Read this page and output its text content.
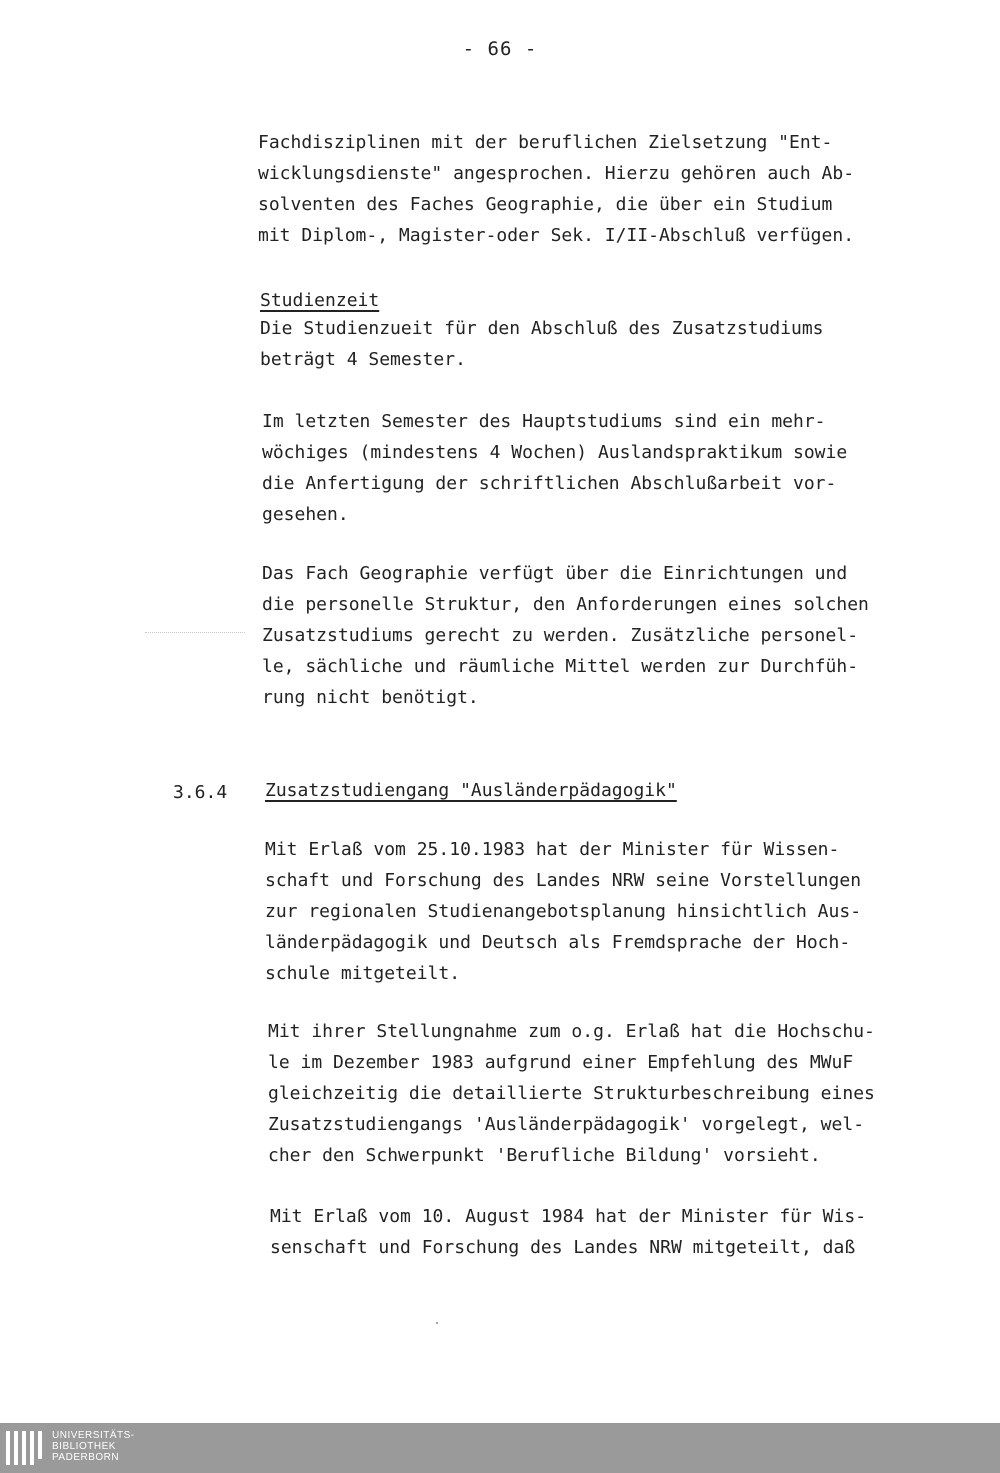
- 66 -
Fachdisziplinen mit der beruflichen Zielsetzung "Ent-
wicklungsdienste" angesprochen. Hierzu gehören auch Ab-
solventen des Faches Geographie, die über ein Studium
mit Diplom-, Magister-oder Sek. I/II-Abschluß verfügen.
Studienzeit
Die Studienzueit für den Abschluß des Zusatzstudiums
beträgt 4 Semester.
Im letzten Semester des Hauptstudiums sind ein mehr-
wöchiges (mindestens 4 Wochen) Auslandspraktikum sowie
die Anfertigung der schriftlichen Abschlußarbeit vor-
gesehen.
Das Fach Geographie verfügt über die Einrichtungen und
die personelle Struktur, den Anforderungen eines solchen
Zusatzstudiums gerecht zu werden. Zusätzliche personel-
le, sächliche und räumliche Mittel werden zur Durchfüh-
rung nicht benötigt.
3.6.4 Zusatzstudiengang "Ausländerpädagogik"
Mit Erlaß vom 25.10.1983 hat der Minister für Wissen-
schaft und Forschung des Landes NRW seine Vorstellungen
zur regionalen Studienangebotsplanung hinsichtlich Aus-
länderpädagogik und Deutsch als Fremdsprache der Hoch-
schule mitgeteilt.
Mit ihrer Stellungnahme zum o.g. Erlaß hat die Hochschu-
le im Dezember 1983 aufgrund einer Empfehlung des MWuF
gleichzeitig die detaillierte Strukturbeschreibung eines
Zusatzstudiengangs 'Ausländerpädagogik' vorgelegt, wel-
cher den Schwerpunkt 'Berufliche Bildung' vorsieht.
Mit Erlaß vom 10. August 1984 hat der Minister für Wis-
senschaft und Forschung des Landes NRW mitgeteilt, daß
UNIVERSITÄTS-
BIBLIOTHEK
PADERBORN
